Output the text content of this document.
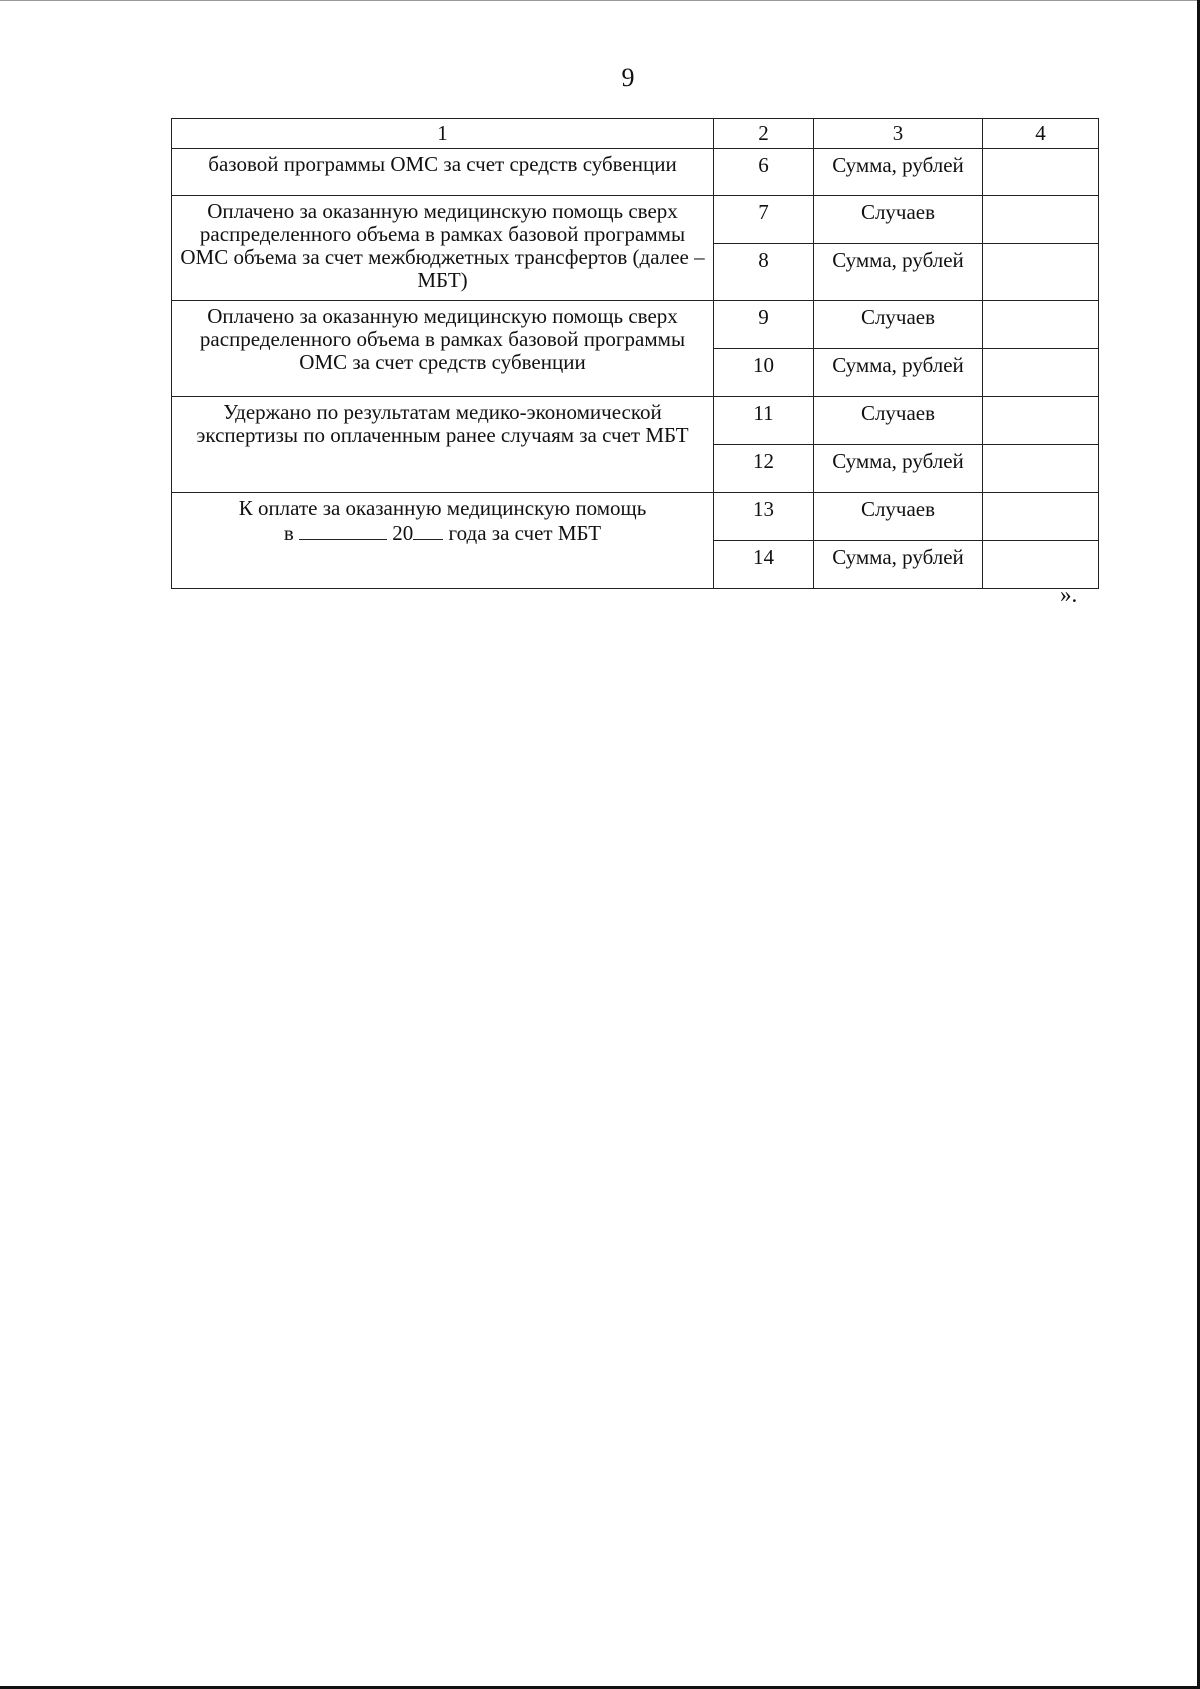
9
1	2	3	4
базовой программы ОМС за счет средств субвенции	6	Сумма, рублей	
Оплачено за оказанную медицинскую помощь сверх распределенного объема в рамках базовой программы ОМС объема за счет межбюджетных трансфертов (далее – МБТ)	7	Случаев	
	8	Сумма, рублей	
Оплачено за оказанную медицинскую помощь сверх распределенного объема в рамках базовой программы ОМС за счет средств субвенции	9	Случаев	
	10	Сумма, рублей	
Удержано по результатам медико-экономической экспертизы по оплаченным ранее случаям за счет МБТ	11	Случаев	
	12	Сумма, рублей	
К оплате за оказанную медицинскую помощь
в 20 года за счет МБТ	13	Случаев	
	14	Сумма, рублей	
».
